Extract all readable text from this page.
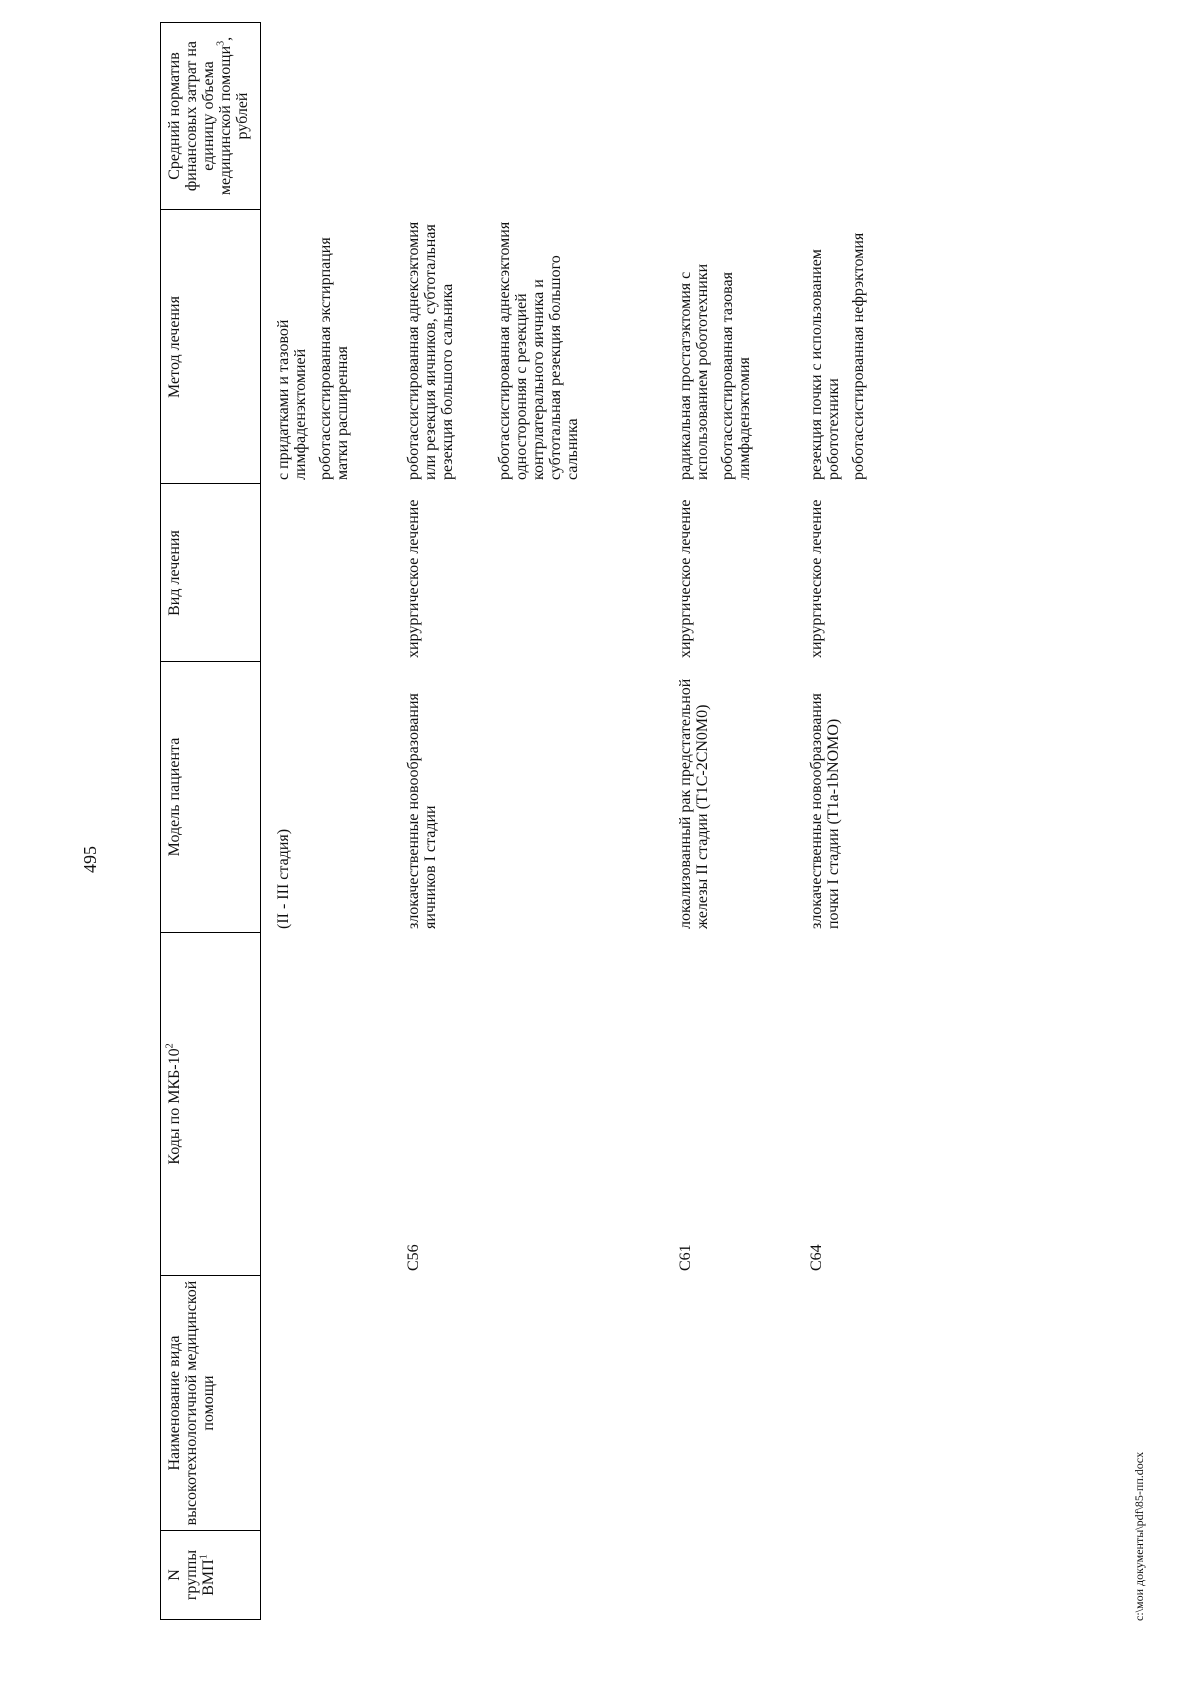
495
N группы ВМП$^1$
Наименование вида высокотехнологичной медицинской помощи
Коды по МКБ-$10^2$
Модель пациента
Вид лечения
Метод лечения
Средний норматив финансовых затрат на единицу объема медицинской помощи$^3$, рублей
(II - III стадия)
с придатками и тазовой лимфаденэктомией роботассистированная экстирпация матки расширенная
C56
злокачественные новообразования яичников I стадии
хирургическое лечение
роботассистированная аднексэктомия или резекция яичников, субтотальная резекция большого сальника	роботассистированная аднексэктомия односторонняя с резекцией контрлатерального яичника и субтотальная резекция большого сальника
C61
локализованный рак предстательной железы II стадии (T1C-2CN0M0)
хирургическое лечение
радикальная простатэктомия с использованием робототехники роботассистированная тазовая лимфаденэктомия
C64
злокачественные новообразования почки I стадии (T1a-1bNOMO)
хирургическое лечение
резекция почки с использованием робототехники роботассистированная нефрэктомия
c:\мои документы\pdf\85-пп.docx
